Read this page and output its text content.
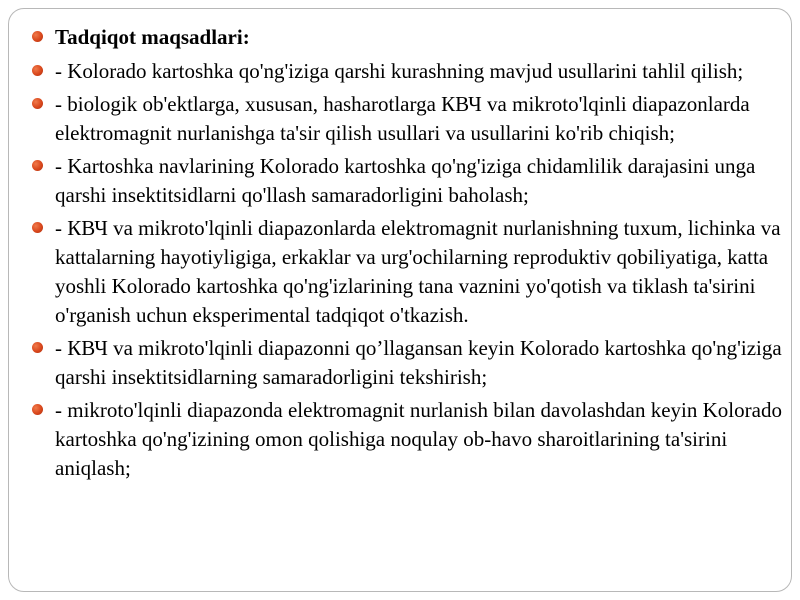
Tadqiqot maqsadlari:
- Kolorado kartoshka qo'ng'iziga qarshi kurashning mavjud usullarini tahlil qilish;
- biologik ob'ektlarga, xususan, hasharotlarga КВЧ va mikroto'lqinli diapazonlarda elektromagnit nurlanishga ta'sir qilish usullari va usullarini ko'rib chiqish;
- Kartoshka navlarining Kolorado kartoshka qo'ng'iziga chidamlilik darajasini unga qarshi insektitsidlarni qo'llash samaradorligini baholash;
- КВЧ va mikroto'lqinli diapazonlarda elektromagnit nurlanishning tuxum, lichinka va kattalarning hayotiyligiga, erkaklar va urg'ochilarning reproduktiv qobiliyatiga, katta yoshli Kolorado kartoshka qo'ng'izlarining tana vaznini yo'qotish va tiklash ta'sirini o'rganish uchun eksperimental tadqiqot o'tkazish.
- КВЧ va mikroto'lqinli diapazonni qo’llagansan keyin Kolorado kartoshka qo'ng'iziga qarshi insektitsidlarning samaradorligini tekshirish;
- mikroto'lqinli diapazonda elektromagnit nurlanish bilan davolashdan keyin Kolorado kartoshka qo'ng'izining omon qolishiga noqulay ob-havo sharoitlarining ta'sirini aniqlash;
